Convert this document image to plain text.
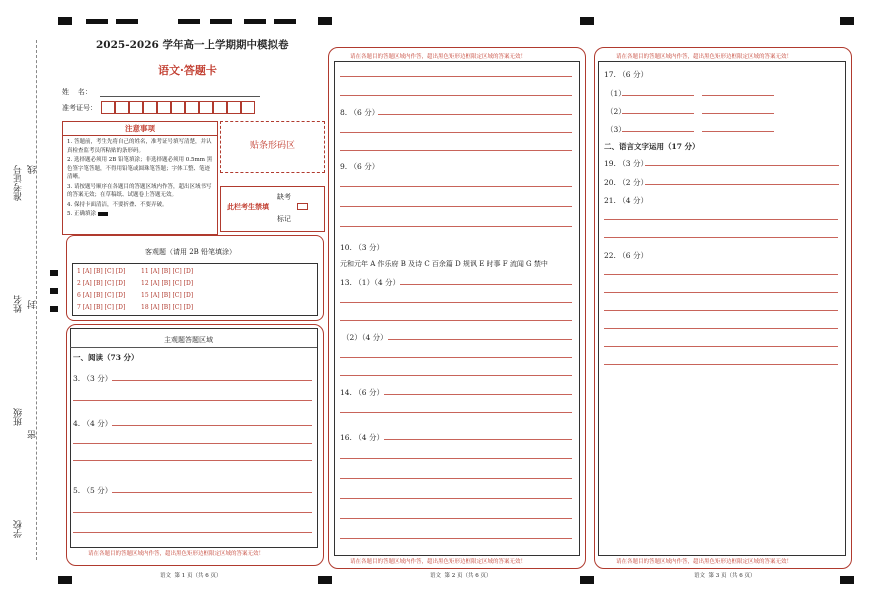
准考证号 线
姓名 封
班级
密
学校
2025-2026 学年高一上学期期中模拟卷
语文·答题卡
姓    名：
准考证号：
注意事项
1. 答题前，考生先将自己的姓名，准考证号填写清楚，并认真检查监考员所粘贴的条形码。
2. 选择题必须用 2B 铅笔填涂；非选择题必须用 0.5mm 黑色签字笔答题，不得用铅笔或圆珠笔答题；字体工整、笔迹清晰。
3. 请按题号顺序在各题目的答题区域内作答，超出区域书写的答案无效；在草稿纸、试题卷上答题无效。
4. 保持卡面清洁，不要折叠、不要弄破。
5. 正确填涂
贴条形码区
缺考
此栏考生禁填
标记
客观题（请用 2B 铅笔填涂）
1 [A] [B] [C] [D]
2 [A] [B] [C] [D]
6 [A] [B] [C] [D]
7 [A] [B] [C] [D]
11 [A] [B] [C] [D]
12 [A] [B] [C] [D]
15 [A] [B] [C] [D]
18 [A] [B] [C] [D]
主观题答题区域
一、阅读（73 分）
3. （3 分）
4. （4 分）
5. （5 分）
请在各题目的答题区域内作答，超出黑色矩形边框限定区域的答案无效！
语文  第 1 页（共 6 页）
请在各题目的答题区域内作答，超出黑色矩形边框限定区域的答案无效！
请在各题目的答题区域内作答，超出黑色矩形边框限定区域的答案无效！
8. （6 分）
9. （6 分）
10. （3 分）
元和元年 A 作乐府 B 及诗 C 百余篇 D 规讽 E 时事 F 流闻 G 禁中
13. （1）（4 分）
（2）（4 分）
14. （6 分）
16. （4 分）
语文  第 2 页（共 6 页）
请在各题目的答题区域内作答，超出黑色矩形边框限定区域的答案无效！
请在各题目的答题区域内作答，超出黑色矩形边框限定区域的答案无效！
17. （6 分）
（1）
（2）
（3）
二、语言文字运用（17 分）
19. （3 分）
20. （2 分）
21. （4 分）
22. （6 分）
语文  第 3 页（共 6 页）
